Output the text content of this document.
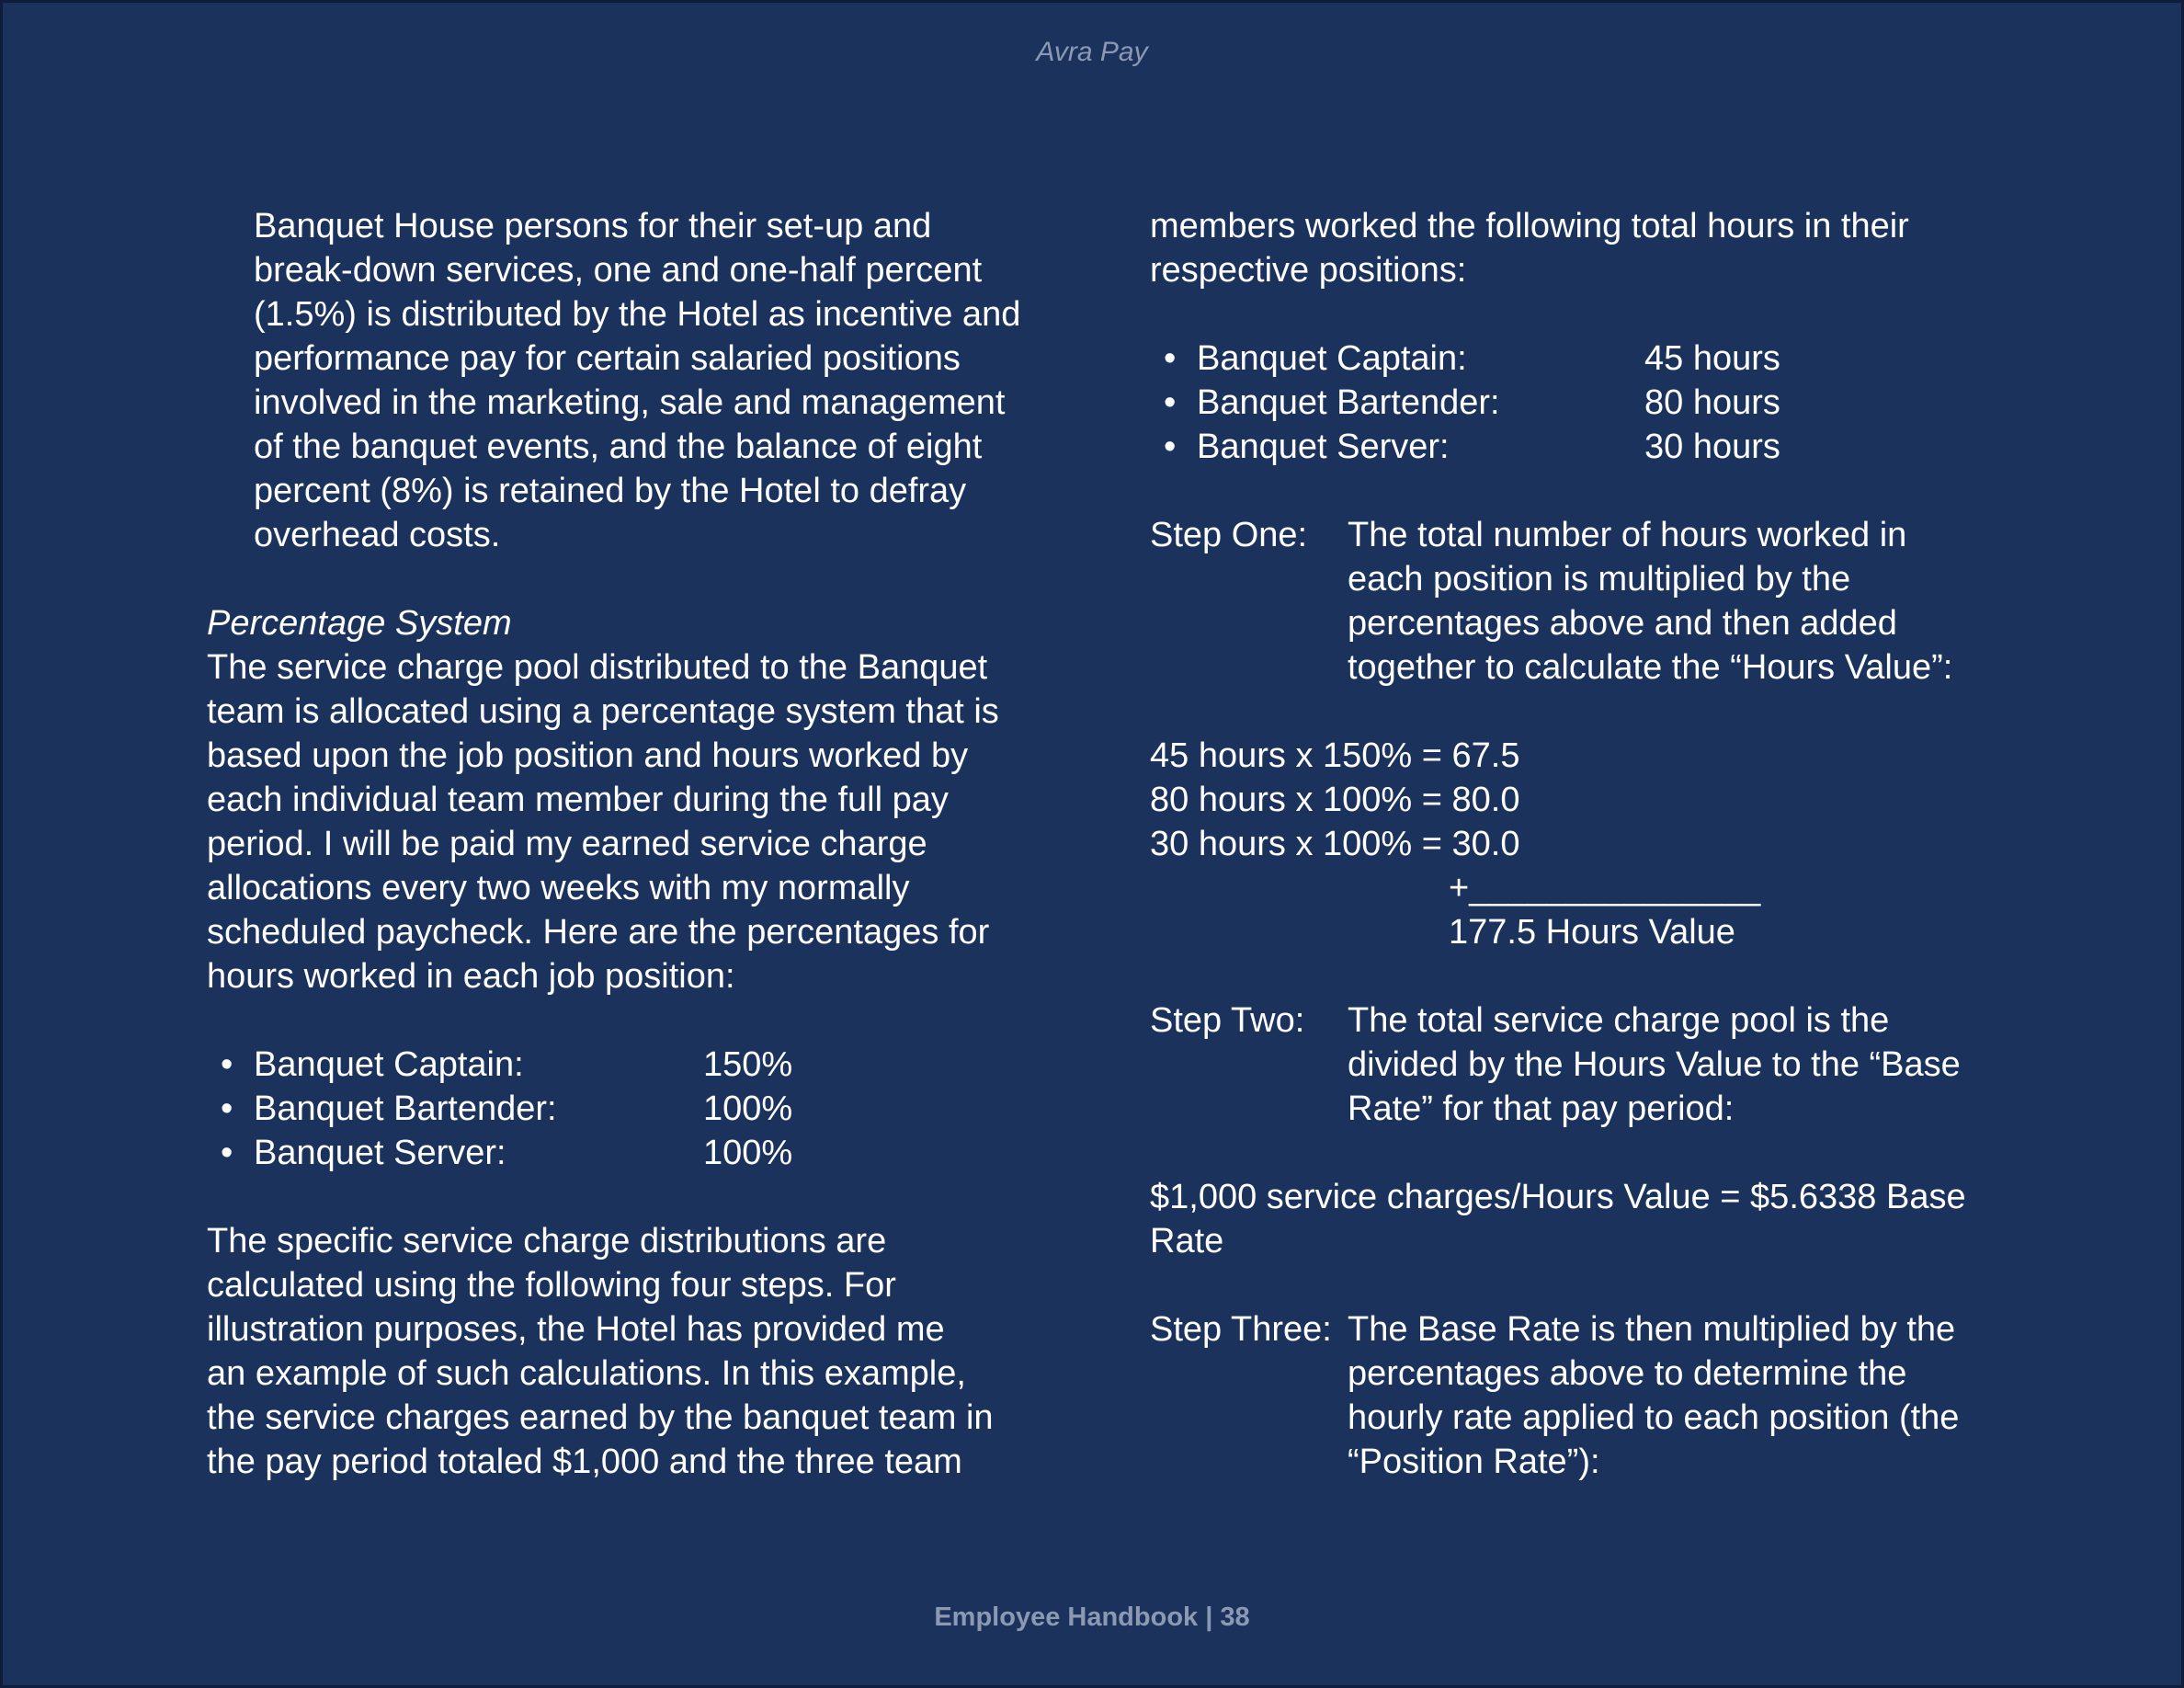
Avra Pay
Banquet House persons for their set-up and
break-down services, one and one-half percent
(1.5%) is distributed by the Hotel as incentive and
performance pay for certain salaried positions
involved in the marketing, sale and management
of the banquet events, and the balance of eight
percent (8%) is retained by the Hotel to defray
overhead costs.
Percentage System
The service charge pool distributed to the Banquet
team is allocated using a percentage system that is
based upon the job position and hours worked by
each individual team member during the full pay
period. I will be paid my earned service charge
allocations every two weeks with my normally
scheduled paycheck. Here are the percentages for
hours worked in each job position:
• Banquet Captain:	150%
• Banquet Bartender:	100%
• Banquet Server:	100%
The specific service charge distributions are
calculated using the following four steps. For
illustration purposes, the Hotel has provided me
an example of such calculations. In this example,
the service charges earned by the banquet team in
the pay period totaled $1,000 and the three team
members worked the following total hours in their
respective positions:
• Banquet Captain:	45 hours
• Banquet Bartender:	80 hours
• Banquet Server:	30 hours
Step One: The total number of hours worked in
each position is multiplied by the
percentages above and then added
together to calculate the “Hours Value”:
45 hours x 150% = 67.5
80 hours x 100% = 80.0
30 hours x 100% = 30.0
+_______________
177.5 Hours Value
Step Two: The total service charge pool is the
divided by the Hours Value to the “Base
Rate” for that pay period:
$1,000 service charges/Hours Value = $5.6338 Base
Rate
Step Three: The Base Rate is then multiplied by the
percentages above to determine the
hourly rate applied to each position (the
“Position Rate”):
Employee Handbook | 38
